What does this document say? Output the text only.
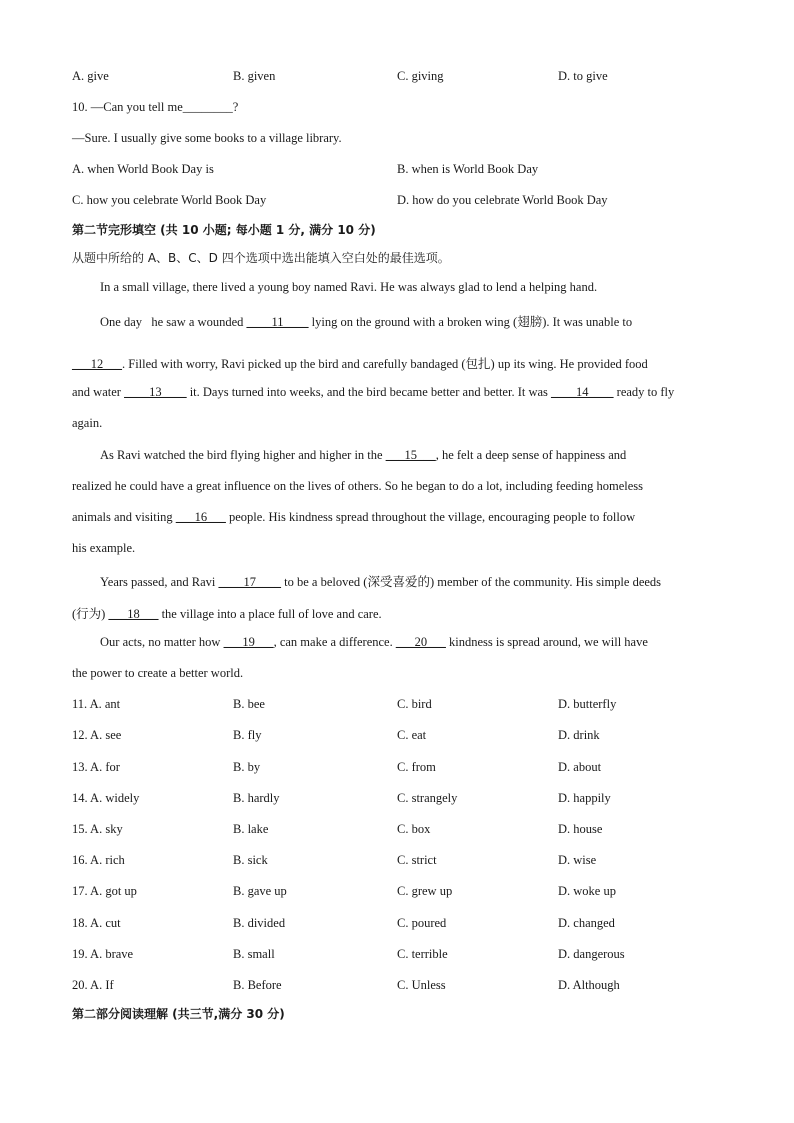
A. give	B. given	C. giving	D. to give
10. —Can you tell me________?
—Sure. I usually give some books to a village library.
A. when World Book Day is	B. when is World Book Day
C. how you celebrate World Book Day	D. how do you celebrate World Book Day
第二节完形填空 (共 10 小题; 每小题 1 分, 满分 10 分)
从题中所给的 A、B、C、D 四个选项中选出能填入空白处的最佳选项。
In a small village, there lived a young boy named Ravi. He was always glad to lend a helping hand.
One day he saw a wounded ____11____ lying on the ground with a broken wing (翅膀). It was unable to
___12___. Filled with worry, Ravi picked up the bird and carefully bandaged (包扎) up its wing. He provided food
and water ____13____ it. Days turned into weeks, and the bird became better and better. It was ____14____ ready to fly
again.
As Ravi watched the bird flying higher and higher in the ___15___, he felt a deep sense of happiness and
realized he could have a great influence on the lives of others. So he began to do a lot, including feeding homeless
animals and visiting ___16___ people. His kindness spread throughout the village, encouraging people to follow
his example.
Years passed, and Ravi ____17____ to be a beloved (深受喜爱的) member of the community. His simple deeds
(行为) ___18___ the village into a place full of love and care.
Our acts, no matter how ___19___, can make a difference. ___20___ kindness is spread around, we will have
the power to create a better world.
11. A. ant	B. bee	C. bird	D. butterfly
12. A. see	B. fly	C. eat	D. drink
13. A. for	B. by	C. from	D. about
14. A. widely	B. hardly	C. strangely	D. happily
15. A. sky	B. lake	C. box	D. house
16. A. rich	B. sick	C. strict	D. wise
17. A. got up	B. gave up	C. grew up	D. woke up
18. A. cut	B. divided	C. poured	D. changed
19. A. brave	B. small	C. terrible	D. dangerous
20. A. If	B. Before	C. Unless	D. Although
第二部分阅读理解 (共三节,满分 30 分)
